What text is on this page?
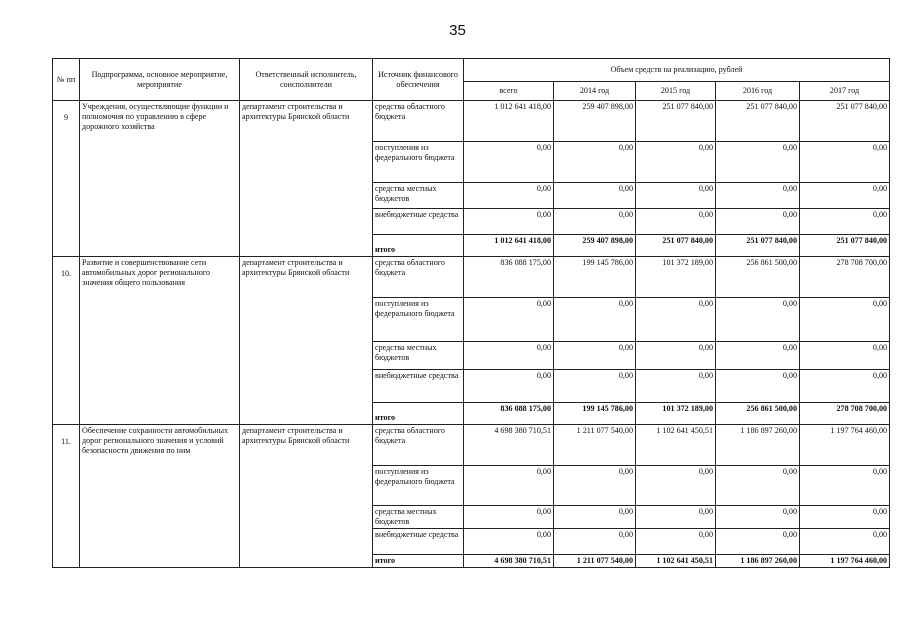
35
№ пп	Подпрограмма, основное мероприятие, мероприятие	Ответственный исполнитель, соисполнители	Источник финансового обеспечения	Объем средств на реализацию, рублей				
				всего	2014 год	2015 год	2016 год	2017 год
9	Учреждения, осуществляющие функции и полномочия по управлению в сфере дорожного хозяйства	департамент строительства и архитектуры Брянской области	средства областного бюджета	1 012 641 418,00	259 407 898,00	251 077 840,00	251 077 840,00	251 077 840,00
			поступления из федерального бюджета	0,00	0,00	0,00	0,00	0,00
			средства местных бюджетов	0,00	0,00	0,00	0,00	0,00
			внебюджетные средства	0,00	0,00	0,00	0,00	0,00
			итого	1 012 641 418,00	259 407 898,00	251 077 840,00	251 077 840,00	251 077 840,00
10.	Развитие и совершенствование сети автомобильных дорог регионального значения общего пользования	департамент строительства и архитектуры Брянской области	средства областного бюджета	836 088 175,00	199 145 786,00	101 372 189,00	256 861 500,00	278 708 700,00
			поступления из федерального бюджета	0,00	0,00	0,00	0,00	0,00
			средства местных бюджетов	0,00	0,00	0,00	0,00	0,00
			внебюджетные средства	0,00	0,00	0,00	0,00	0,00
			итого	836 088 175,00	199 145 786,00	101 372 189,00	256 861 500,00	278 708 700,00
11.	Обеспечение сохранности автомобильных дорог регионального значения и условий безопасности движения по ним	департамент строительства и архитектуры Брянской области	средства областного бюджета	4 698 380 710,51	1 211 077 540,00	1 102 641 450,51	1 186 897 260,00	1 197 764 460,00
			поступления из федерального бюджета	0,00	0,00	0,00	0,00	0,00
			средства местных бюджетов	0,00	0,00	0,00	0,00	0,00
			внебюджетные средства	0,00	0,00	0,00	0,00	0,00
			итого	4 698 380 710,51	1 211 077 540,00	1 102 641 450,51	1 186 897 260,00	1 197 764 460,00
